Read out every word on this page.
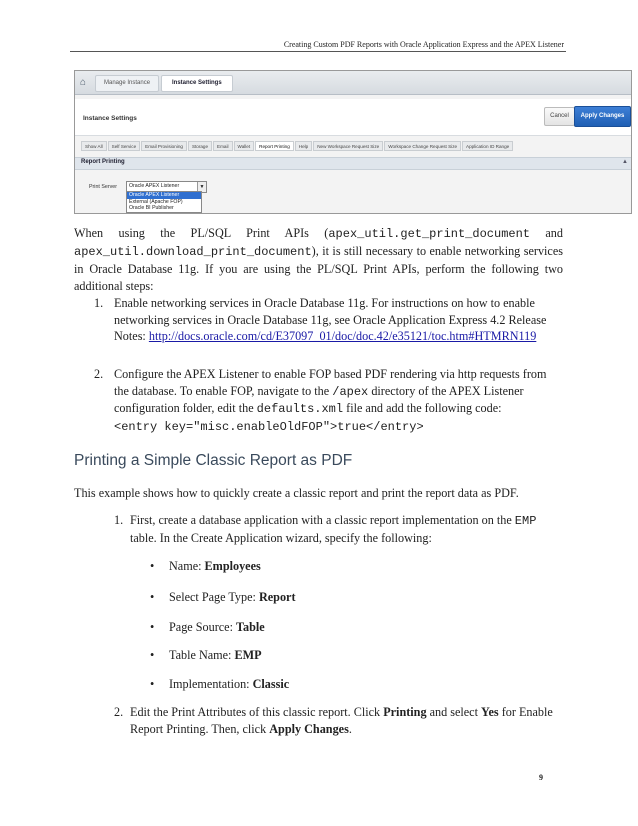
Creating Custom PDF Reports with Oracle Application Express and the APEX Listener
⌂	Manage Instance	Instance Settings
Instance Settings	Cancel	Apply Changes
Show All	Self Service	Email Provisioning	Storage	Email	Wallet	Report Printing	Help	New Workspace Request Size	Workspace Change Request Size	Application ID Range
Report Printing	▲
Print Server Oracle APEX Listener	▼
Oracle APEX Listener
External (Apache FOP)
Oracle BI Publisher
When using the PL/SQL Print APIs (apex_util.get_print_document and apex_util.download_print_document), it is still necessary to enable networking services in Oracle Database 11g. If you are using the PL/SQL Print APIs, perform the following two additional steps:
1. Enable networking services in Oracle Database 11g. For instructions on how to enable networking services in Oracle Database 11g, see Oracle Application Express 4.2 Release Notes: http://docs.oracle.com/cd/E37097_01/doc/doc.42/e35121/toc.htm#HTMRN119
2. Configure the APEX Listener to enable FOP based PDF rendering via http requests from the database. To enable FOP, navigate to the /apex directory of the APEX Listener configuration folder, edit the defaults.xml file and add the following code:
<entry key="misc.enableOldFOP">true</entry>
Printing a Simple Classic Report as PDF
This example shows how to quickly create a classic report and print the report data as PDF.
1. First, create a database application with a classic report implementation on the EMP table. In the Create Application wizard, specify the following:
• Name: Employees
• Select Page Type: Report
• Page Source: Table
• Table Name: EMP
• Implementation: Classic
2. Edit the Print Attributes of this classic report. Click Printing and select Yes for Enable Report Printing. Then, click Apply Changes.
9
